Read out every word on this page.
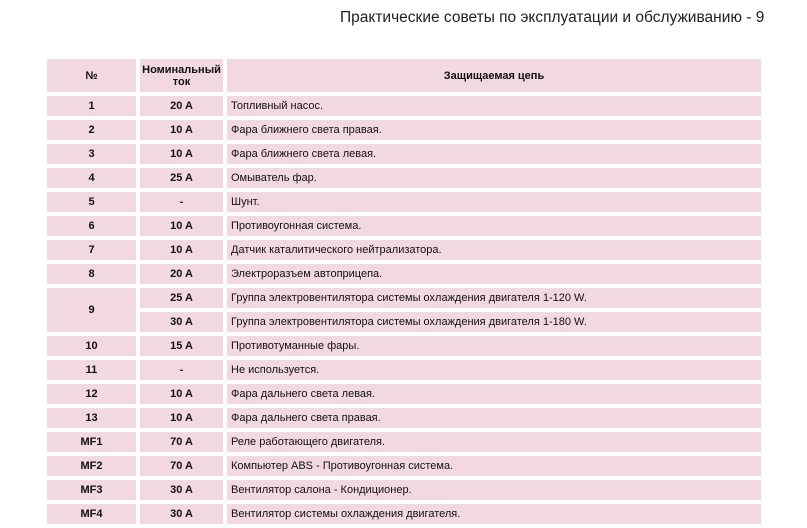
Практические советы по эксплуатации и обслуживанию - 9
№	Номинальный ток	Защищаемая цепь
1	20 A	Топливный насос.
2	10 A	Фара ближнего света правая.
3	10 A	Фара ближнего света левая.
4	25 A	Омыватель фар.
5	-	Шунт.
6	10 A	Противоугонная система.
7	10 A	Датчик каталитического нейтрализатора.
8	20 A	Электроразъем автоприцепа.
9	25 A	Группа электровентилятора системы охлаждения двигателя 1-120 W.
	30 A	Группа электровентилятора системы охлаждения двигателя 1-180 W.
10	15 A	Противотуманные фары.
11	-	Не используется.
12	10 A	Фара дальнего света левая.
13	10 A	Фара дальнего света правая.
MF1	70 A	Реле работающего двигателя.
MF2	70 A	Компьютер ABS - Противоугонная система.
MF3	30 A	Вентилятор салона - Кондиционер.
MF4	30 A	Вентилятор системы охлаждения двигателя.
